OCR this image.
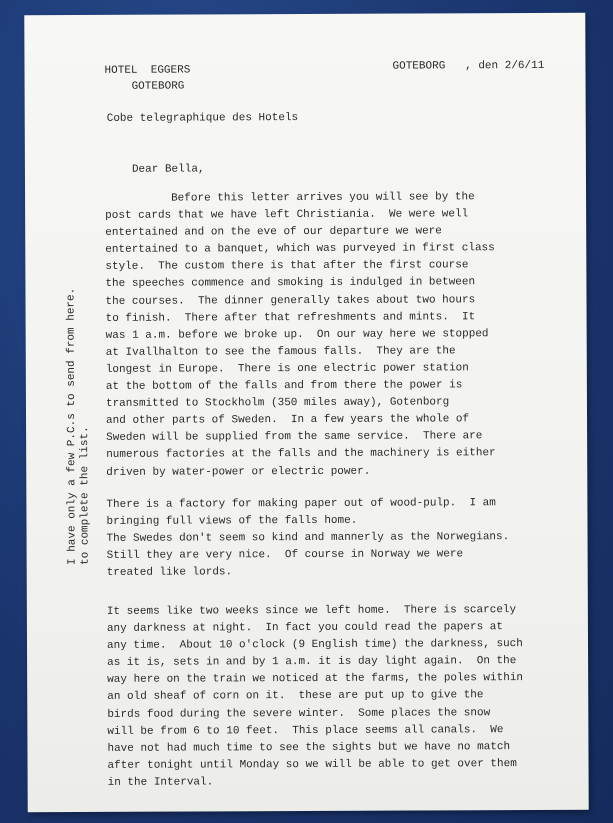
HOTEL  EGGERS
GOTEBORG
GOTEBORG   , den 2/6/11
Cobe telegraphique des Hotels
Dear Bella,
Before this letter arrives you will see by the
post cards that we have left Christiania.  We were well
entertained and on the eve of our departure we were
entertained to a banquet, which was purveyed in first class
style.  The custom there is that after the first course
the speeches commence and smoking is indulged in between
the courses.  The dinner generally takes about two hours
to finish.  There after that refreshments and mints.  It
was 1 a.m. before we broke up.  On our way here we stopped
at Ivallhalton to see the famous falls.  They are the
longest in Europe.  There is one electric power station
at the bottom of the falls and from there the power is
transmitted to Stockholm (350 miles away), Gotenborg
and other parts of Sweden.  In a few years the whole of
Sweden will be supplied from the same service.  There are
numerous factories at the falls and the machinery is either
driven by water-power or electric power.
There is a factory for making paper out of wood-pulp.  I am
bringing full views of the falls home.
The Swedes don't seem so kind and mannerly as the Norwegians.
Still they are very nice.  Of course in Norway we were
treated like lords.
It seems like two weeks since we left home.  There is scarcely
any darkness at night.  In fact you could read the papers at
any time.  About 10 o'clock (9 English time) the darkness, such
as it is, sets in and by 1 a.m. it is day light again.  On the
way here on the train we noticed at the farms, the poles within
an old sheaf of corn on it.  these are put up to give the
birds food during the severe winter.  Some places the snow
will be from 6 to 10 feet.  This place seems all canals.  We
have not had much time to see the sights but we have no match
after tonight until Monday so we will be able to get over them
in the Interval.
I have only a few P.C.s to send from here. to complete the list.
